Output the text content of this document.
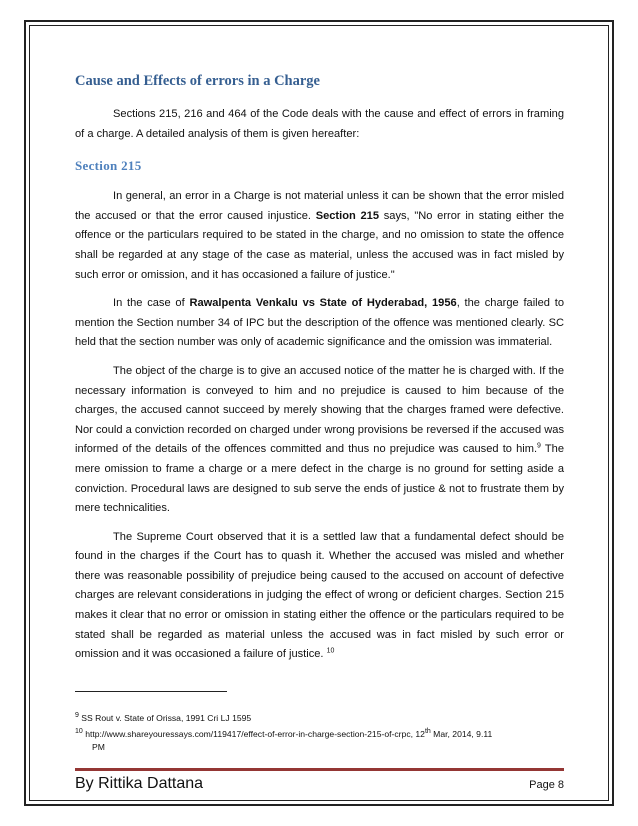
Cause and Effects of errors in a Charge

Sections 215, 216 and 464 of the Code deals with the cause and effect of errors in framing of a charge. A detailed analysis of them is given hereafter:

Section 215

In general, an error in a Charge is not material unless it can be shown that the error misled the accused or that the error caused injustice. Section 215 says, "No error in stating either the offence or the particulars required to be stated in the charge, and no omission to state the offence shall be regarded at any stage of the case as material, unless the accused was in fact misled by such error or omission, and it has occasioned a failure of justice."

In the case of Rawalpenta Venkalu vs State of Hyderabad, 1956, the charge failed to mention the Section number 34 of IPC but the description of the offence was mentioned clearly. SC held that the section number was only of academic significance and the omission was immaterial.

The object of the charge is to give an accused notice of the matter he is charged with. If the necessary information is conveyed to him and no prejudice is caused to him because of the charges, the accused cannot succeed by merely showing that the charges framed were defective. Nor could a conviction recorded on charged under wrong provisions be reversed if the accused was informed of the details of the offences committed and thus no prejudice was caused to him.$^9$ The mere omission to frame a charge or a mere defect in the charge is no ground for setting aside a conviction. Procedural laws are designed to sub serve the ends of justice & not to frustrate them by mere technicalities.

The Supreme Court observed that it is a settled law that a fundamental defect should be found in the charges if the Court has to quash it. Whether the accused was misled and whether there was reasonable possibility of prejudice being caused to the accused on account of defective charges are relevant considerations in judging the effect of wrong or deficient charges. Section 215 makes it clear that no error or omission in stating either the offence or the particulars required to be stated shall be regarded as material unless the accused was in fact misled by such error or omission and it was occasioned a failure of justice. $^{10}$

$^9$ SS Rout v. State of Orissa, 1991 Cri LJ 1595

$^{10}$ http://www.shareyouressays.com/119417/effect-of-error-in-charge-section-215-of-crpc, 12th Mar, 2014, 9.11
PM

By Rittika Dattana	Page 8
